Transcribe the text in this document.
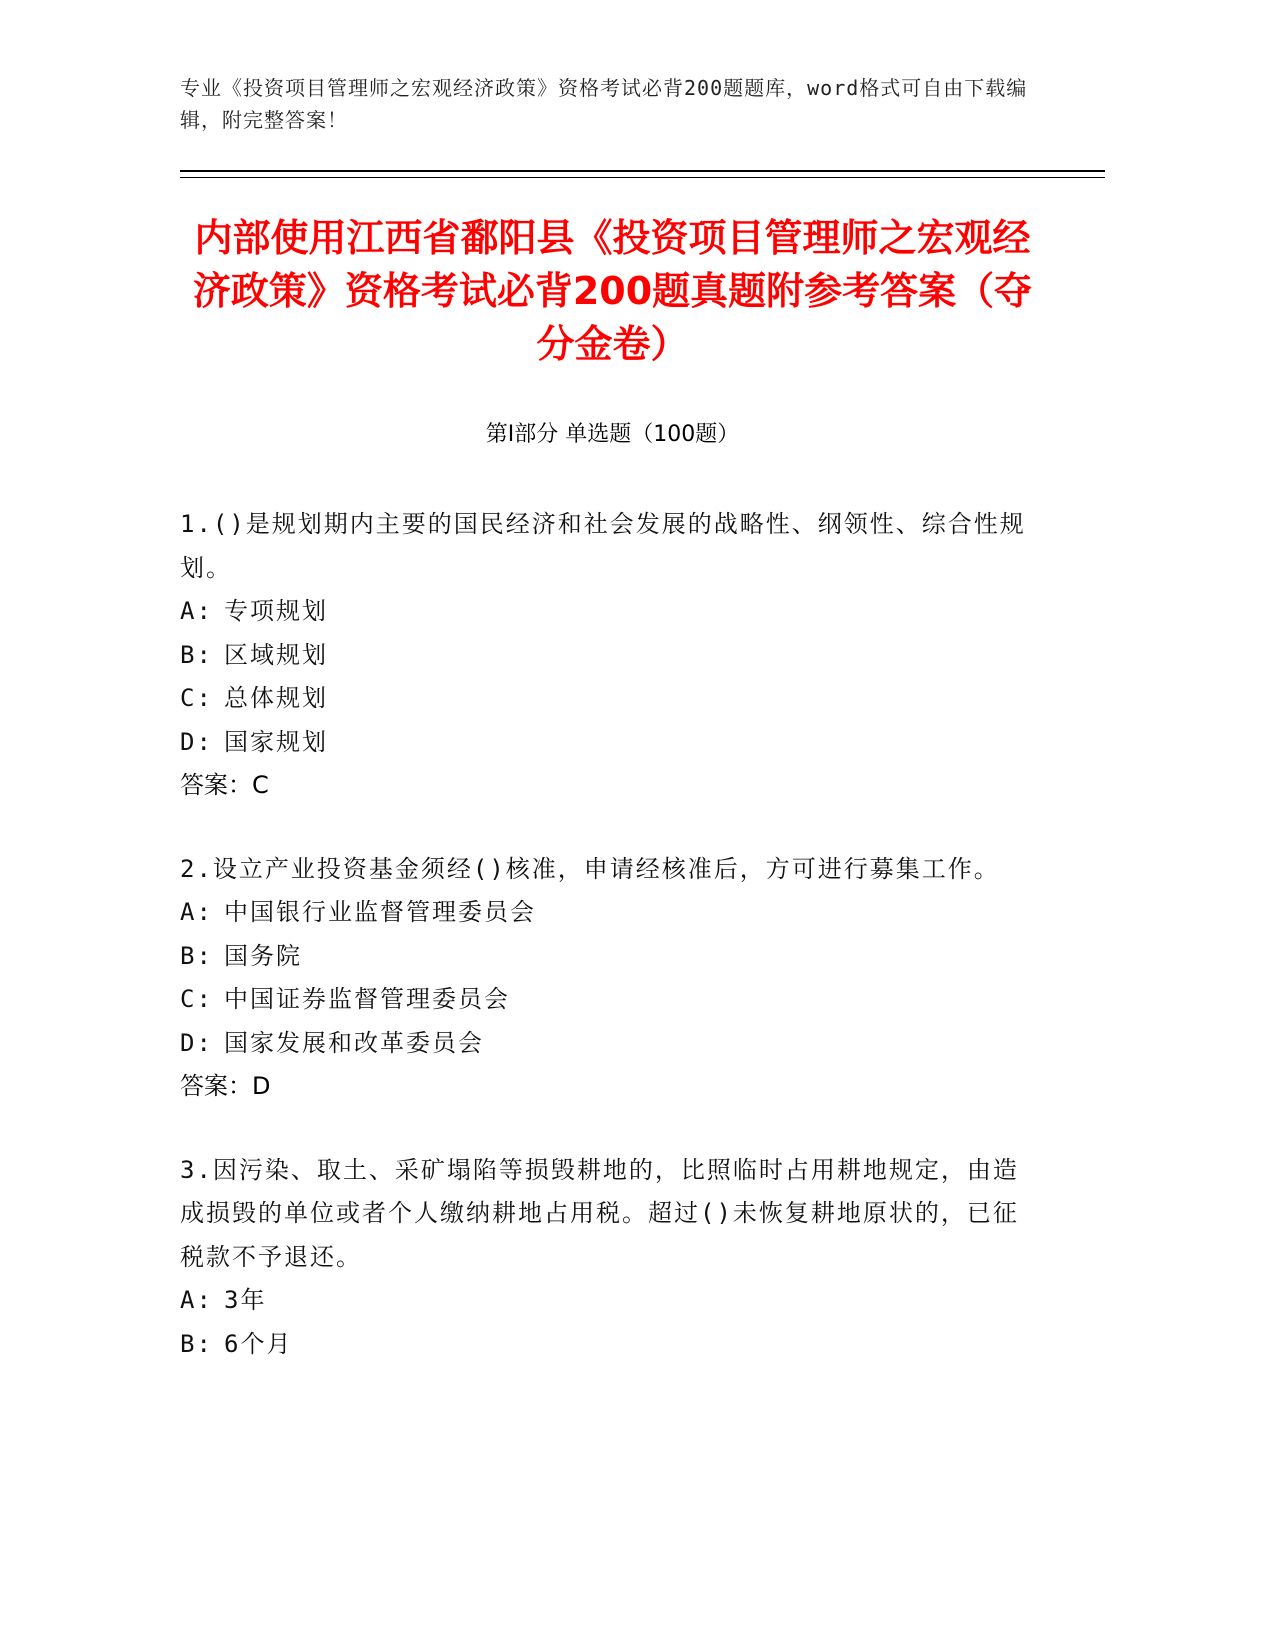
专业《投资项目管理师之宏观经济政策》资格考试必背200题题库，word格式可自由下载编辑，附完整答案！
内部使用江西省鄱阳县《投资项目管理师之宏观经济政策》资格考试必背200题真题附参考答案（夺分金卷）
第Ⅰ部分 单选题（100题）
1.()是规划期内主要的国民经济和社会发展的战略性、纲领性、综合性规划。
A: 专项规划
B: 区域规划
C: 总体规划
D: 国家规划
答案：C
2.设立产业投资基金须经()核准，申请经核准后，方可进行募集工作。
A: 中国银行业监督管理委员会
B: 国务院
C: 中国证券监督管理委员会
D: 国家发展和改革委员会
答案：D
3.因污染、取土、采矿塌陷等损毁耕地的，比照临时占用耕地规定，由造成损毁的单位或者个人缴纳耕地占用税。超过()未恢复耕地原状的，已征税款不予退还。
A: 3年
B: 6个月
